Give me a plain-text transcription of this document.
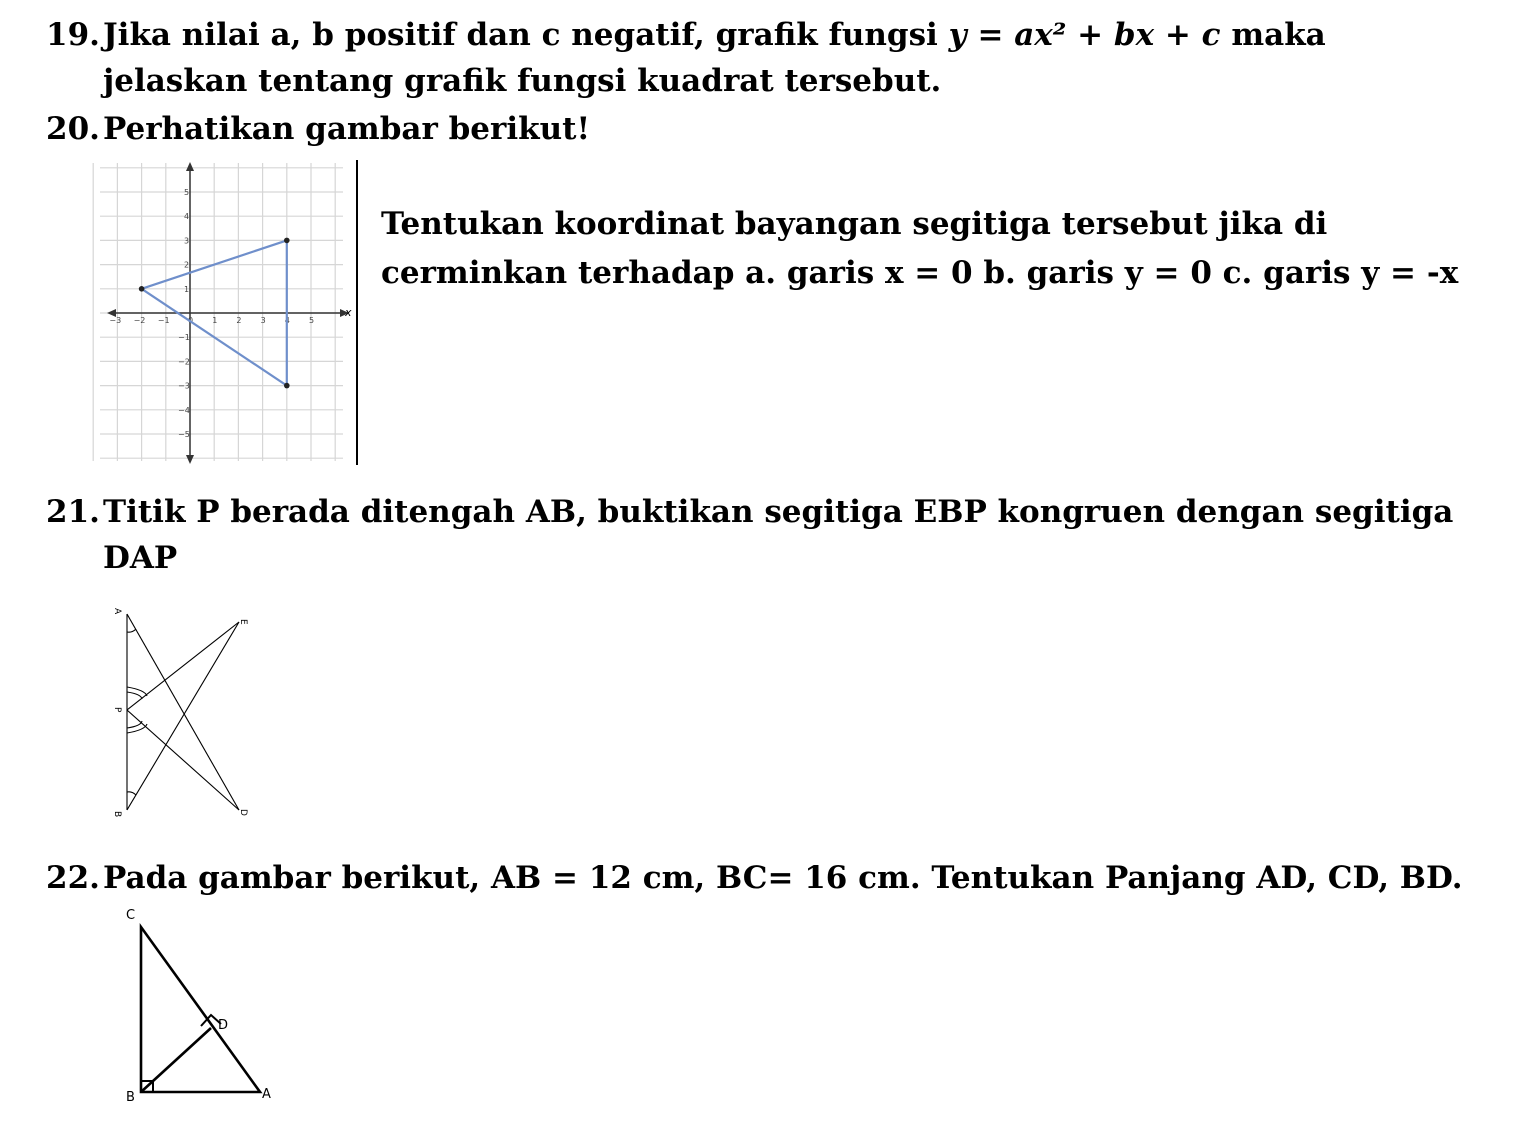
19.Jika nilai a, b positif dan c negatif, grafik fungsi y = ax² + bx + c maka
jelaskan tentang grafik fungsi kuadrat tersebut.
20.Perhatikan gambar berikut!
−3 −2 −1 0 1 2 3 4 5
5
4
3
2
1
−1
−2
−3
−4
−5
x
Tentukan koordinat bayangan segitiga tersebut jika di
cerminkan terhadap a. garis x = 0 b. garis y = 0 c. garis y = -x
21.Titik P berada ditengah AB, buktikan segitiga EBP kongruen dengan segitiga
DAP
A
P
B
E
D
22.Pada gambar berikut, AB = 12 cm, BC= 16 cm. Tentukan Panjang AD, CD, BD.
C
B	A
D
